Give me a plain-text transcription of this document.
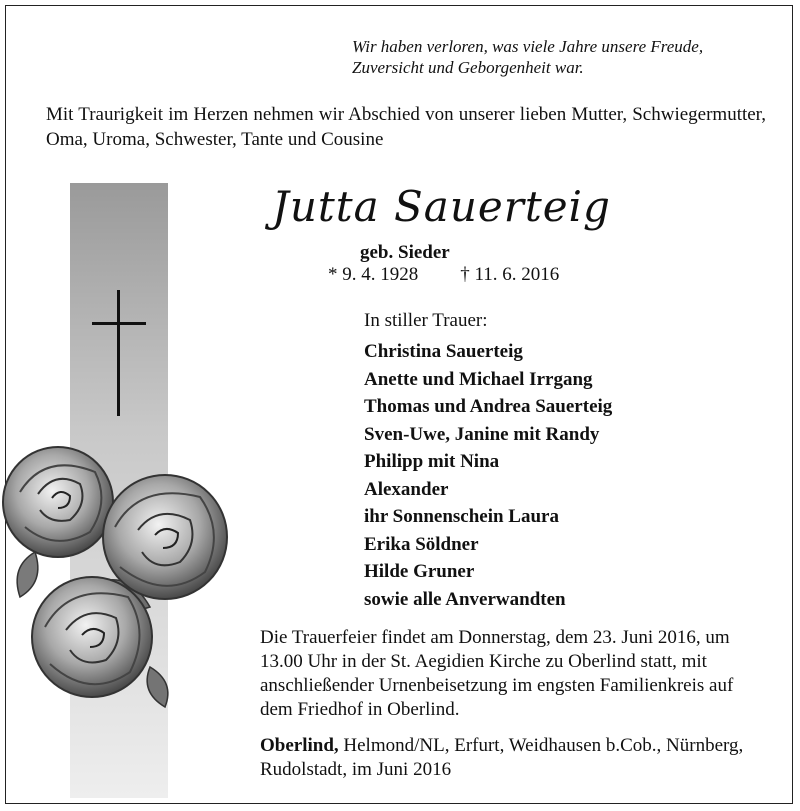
Wir haben verloren, was viele Jahre unsere Freude,
Zuversicht und Geborgenheit war.
Mit Traurigkeit im Herzen nehmen wir Abschied von unserer lieben Mutter, Schwiegermutter, Oma, Uroma, Schwester, Tante und Cousine
Jutta Sauerteig
geb. Sieder
* 9. 4. 1928 † 11. 6. 2016
In stiller Trauer:
Christina Sauerteig
Anette und Michael Irrgang
Thomas und Andrea Sauerteig
Sven-Uwe, Janine mit Randy
Philipp mit Nina
Alexander
ihr Sonnenschein Laura
Erika Söldner
Hilde Gruner
sowie alle Anverwandten
Die Trauerfeier findet am Donnerstag, dem 23. Juni 2016, um 13.00 Uhr in der St. Aegidien Kirche zu Oberlind statt, mit anschließender Urnenbeisetzung im engsten Familienkreis auf dem Friedhof in Oberlind.
Oberlind, Helmond/NL, Erfurt, Weidhausen b.Cob., Nürnberg, Rudolstadt, im Juni 2016
